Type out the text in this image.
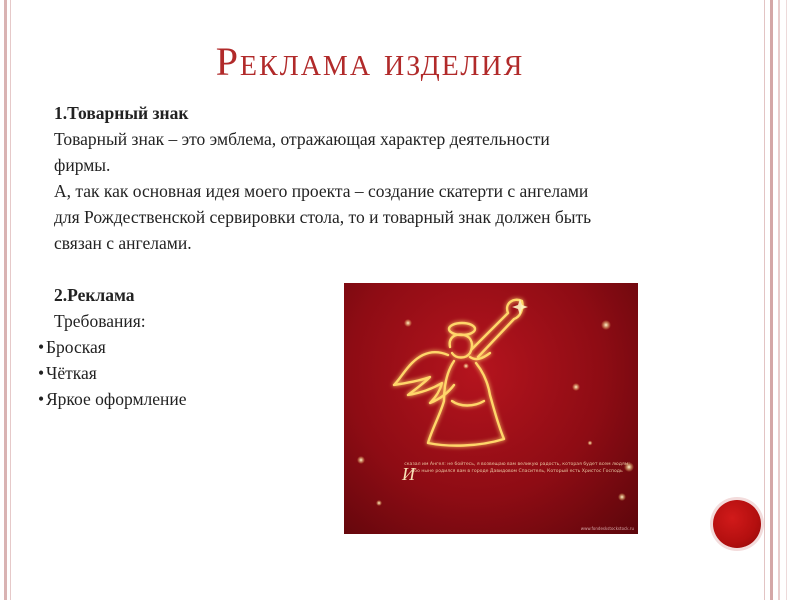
Реклама изделия
1.Товарный знак
Товарный знак – это эмблема, отражающая характер деятельности фирмы.
А, так как основная идея моего проекта – создание скатерти с ангелами для Рождественской сервировки стола, то и товарный знак должен быть связан с ангелами.
2.Реклама
Требования:
• Броская
• Чёткая
• Яркое оформление
И
сказал им Ангел: не бойтесь, я возвещаю вам великую радость, которая будет всем людям: ибо ныне родился вам в городе Давидовом Спаситель, Который есть Христос Господь
www.fondeskstockstock.ru
